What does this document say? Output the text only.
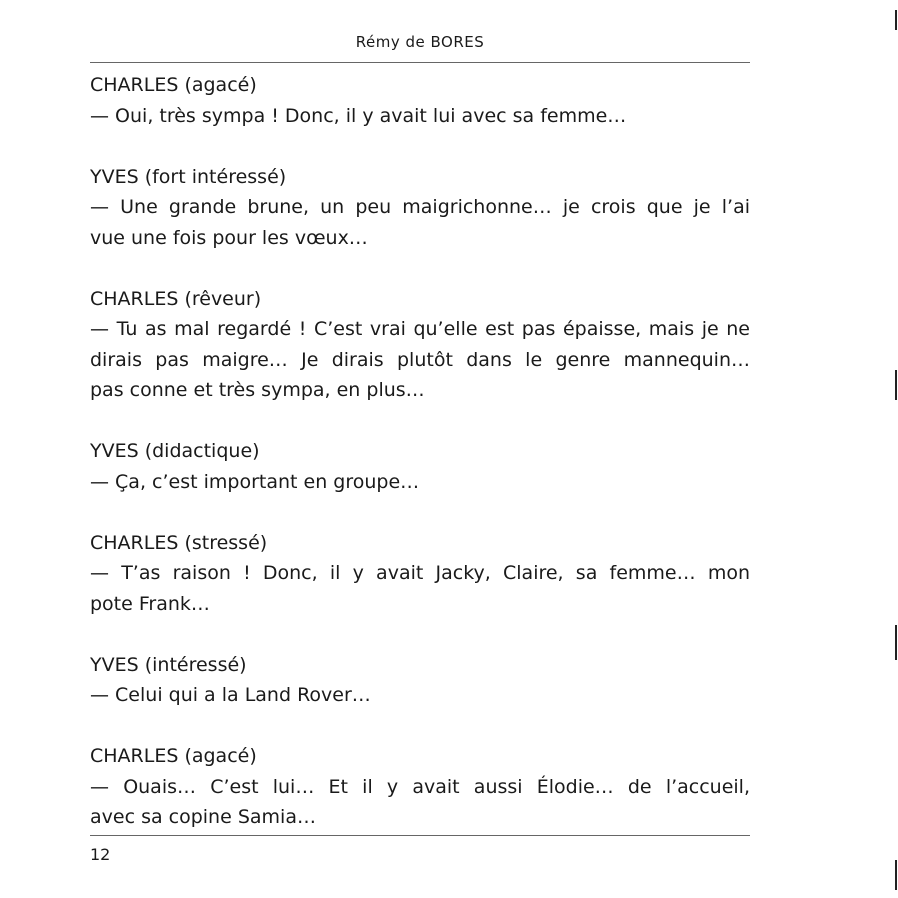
Rémy de BORES
CHARLES (agacé)
— Oui, très sympa ! Donc, il y avait lui avec sa femme…
YVES (fort intéressé)
— Une grande brune, un peu maigrichonne… je crois que je l’ai
vue une fois pour les vœux…
CHARLES (rêveur)
— Tu as mal regardé ! C’est vrai qu’elle est pas épaisse, mais je ne
dirais pas maigre… Je dirais plutôt dans le genre mannequin…
pas conne et très sympa, en plus…
YVES (didactique)
— Ça, c’est important en groupe…
CHARLES (stressé)
— T’as raison ! Donc, il y avait Jacky, Claire, sa femme… mon
pote Frank…
YVES (intéressé)
— Celui qui a la Land Rover…
CHARLES (agacé)
— Ouais… C’est lui… Et il y avait aussi Élodie… de l’accueil,
avec sa copine Samia…
12
